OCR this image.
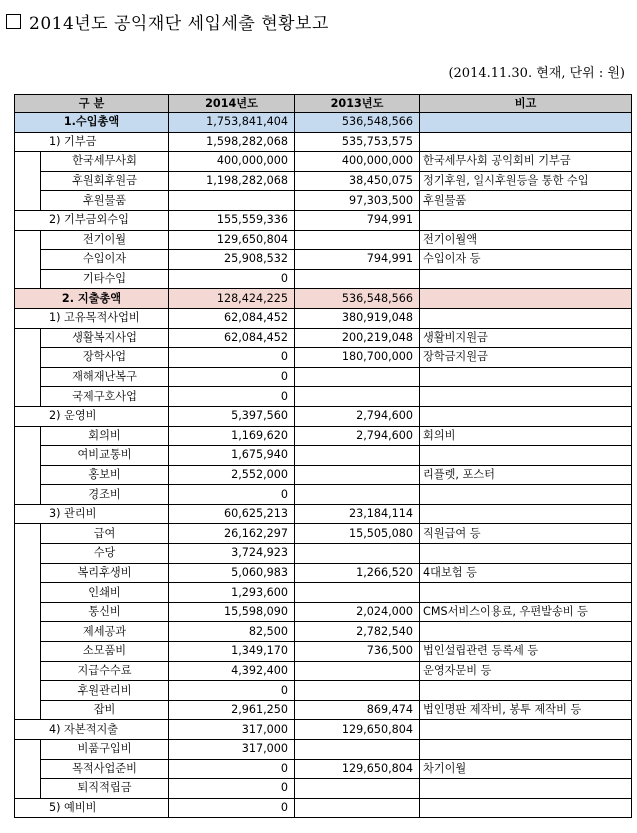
2014년도 공익재단 세입세출 현황보고
(2014.11.30. 현재, 단위 : 원)
구 분		2014년도	2013년도	비고
1.수입총액		1,753,841,404	536,548,566	
1) 기부금		1,598,282,068	535,753,575	
	한국세무사회	400,000,000	400,000,000	한국세무사회 공익회비 기부금
	후원회후원금	1,198,282,068	38,450,075	정기후원, 일시후원등을 통한 수입
	후원물품		97,303,500	후원물품
2) 기부금외수입		155,559,336	794,991	
	전기이월	129,650,804		전기이월액
	수입이자	25,908,532	794,991	수입이자 등
	기타수입	0		
2. 지출총액		128,424,225	536,548,566	
1) 고유목적사업비		62,084,452	380,919,048	
	생활복지사업	62,084,452	200,219,048	생활비지원금
	장학사업	0	180,700,000	장학금지원금
	재해재난복구	0		
	국제구호사업	0		
2) 운영비		5,397,560	2,794,600	
	회의비	1,169,620	2,794,600	회의비
	여비교통비	1,675,940		
	홍보비	2,552,000		리플렛, 포스터
	경조비	0		
3) 관리비		60,625,213	23,184,114	
	급여	26,162,297	15,505,080	직원급여 등
	수당	3,724,923		
	복리후생비	5,060,983	1,266,520	4대보험 등
	인쇄비	1,293,600		
	통신비	15,598,090	2,024,000	CMS서비스이용료, 우편발송비 등
	제세공과	82,500	2,782,540	
	소모품비	1,349,170	736,500	법인설립관련 등록세 등
	지급수수료	4,392,400		운영자문비 등
	후원관리비	0		
	잡비	2,961,250	869,474	법인명판 제작비, 봉투 제작비 등
4) 자본적지출		317,000	129,650,804	
	비품구입비	317,000		
	목적사업준비	0	129,650,804	차기이월
	퇴직적립금	0		
5) 예비비		0		
